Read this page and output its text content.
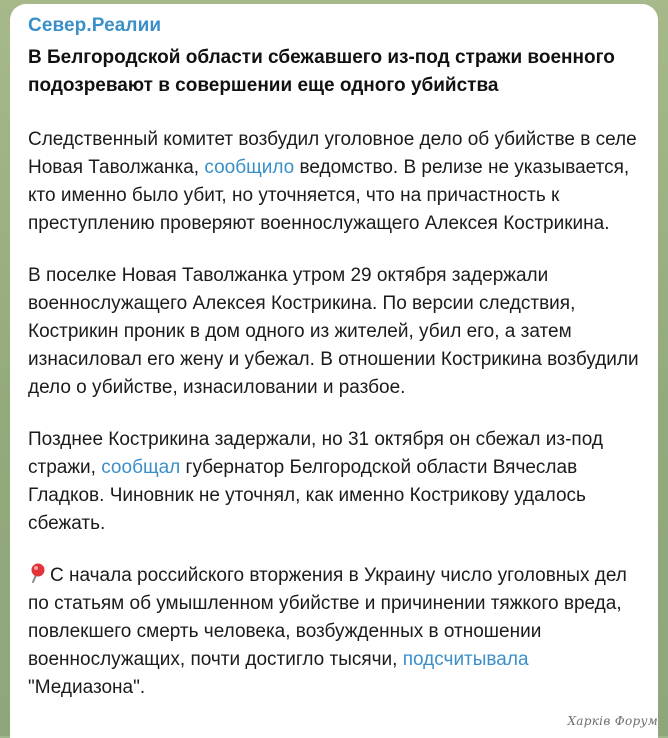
Север.Реалии
В Белгородской области сбежавшего из-под стражи военного подозревают в совершении еще одного убийства

Следственный комитет возбудил уголовное дело об убийстве в селе Новая Таволжанка, сообщило ведомство. В релизе не указывается, кто именно было убит, но уточняется, что на причастность к преступлению проверяют военнослужащего Алексея Кострикина.

В поселке Новая Таволжанка утром 29 октября задержали военнослужащего Алексея Кострикина. По версии следствия, Кострикин проник в дом одного из жителей, убил его, а затем изнасиловал его жену и убежал. В отношении Кострикина возбудили дело о убийстве, изнасиловании и разбое.

Позднее Кострикина задержали, но 31 октября он сбежал из-под стражи, сообщал губернатор Белгородской области Вячеслав Гладков. Чиновник не уточнял, как именно Кострикову удалось сбежать.

С начала российского вторжения в Украину число уголовных дел по статьям об умышленном убийстве и причинении тяжкого вреда, повлекшего смерть человека, возбужденных в отношении военнослужащих, почти достигло тысячи, подсчитывала "Медиазона".

Харків Форум
